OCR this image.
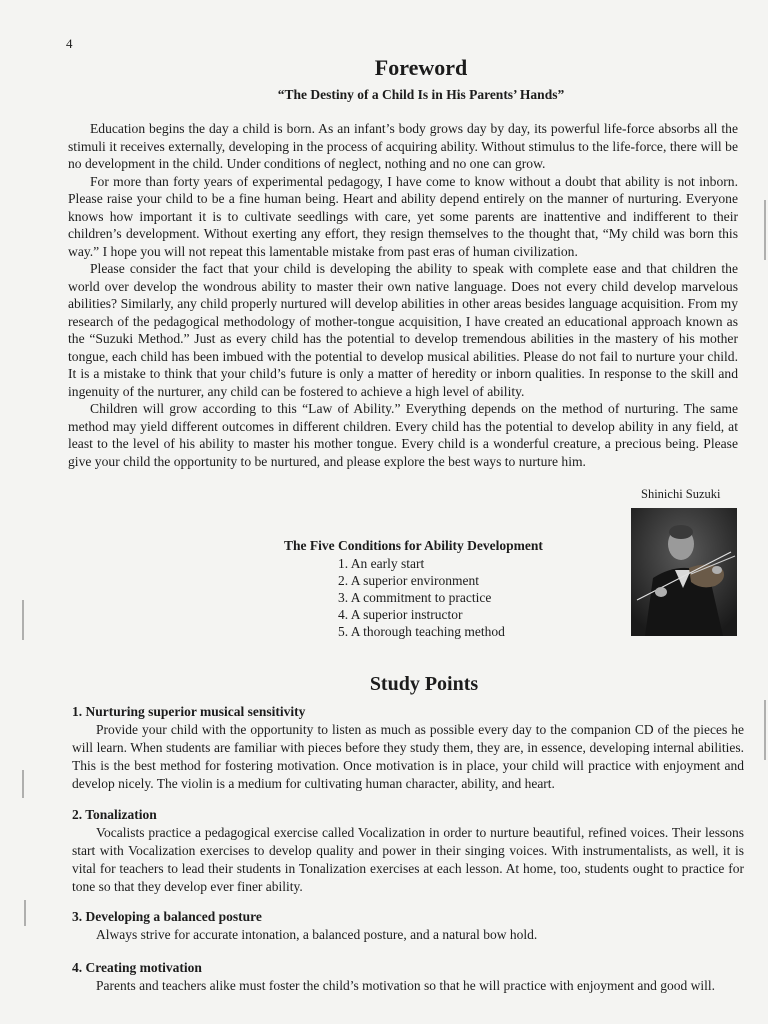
4
Foreword
“The Destiny of a Child Is in His Parents’ Hands”

Education begins the day a child is born. As an infant’s body grows day by day, its powerful life-force absorbs all the stimuli it receives externally, developing in the process of acquiring ability. Without stimulus to the life-force, there will be no development in the child. Under conditions of neglect, nothing and no one can grow.

For more than forty years of experimental pedagogy, I have come to know without a doubt that ability is not inborn. Please raise your child to be a fine human being. Heart and ability depend entirely on the manner of nurturing. Everyone knows how important it is to cultivate seedlings with care, yet some parents are inattentive and indifferent to their children’s development. Without exerting any effort, they resign themselves to the thought that, “My child was born this way.” I hope you will not repeat this lamentable mistake from past eras of human civilization.

Please consider the fact that your child is developing the ability to speak with complete ease and that children the world over develop the wondrous ability to master their own native language. Does not every child develop marvelous abilities? Similarly, any child properly nurtured will develop abilities in other areas besides language acquisition. From my research of the pedagogical methodology of mother-tongue acquisition, I have created an educational approach known as the “Suzuki Method.” Just as every child has the potential to develop tremendous abilities in the mastery of his mother tongue, each child has been imbued with the potential to develop musical abilities. Please do not fail to nurture your child. It is a mistake to think that your child’s future is only a matter of heredity or inborn qualities. In response to the skill and ingenuity of the nurturer, any child can be fostered to achieve a high level of ability.

Children will grow according to this “Law of Ability.” Everything depends on the method of nurturing. The same method may yield different outcomes in different children. Every child has the potential to develop ability in any field, at least to the level of his ability to master his mother tongue. Every child is a wonderful creature, a precious being. Please give your child the opportunity to be nurtured, and please explore the best ways to nurture him.

Shinichi Suzuki
The Five Conditions for Ability Development
1. An early start
2. A superior environment
3. A commitment to practice
4. A superior instructor
5. A thorough teaching method
Study Points
1. Nurturing superior musical sensitivity

Provide your child with the opportunity to listen as much as possible every day to the companion CD of the pieces he will learn. When students are familiar with pieces before they study them, they are, in essence, developing internal abilities. This is the best method for fostering motivation. Once motivation is in place, your child will practice with enjoyment and develop nicely. The violin is a medium for cultivating human character, ability, and heart.

2. Tonalization

Vocalists practice a pedagogical exercise called Vocalization in order to nurture beautiful, refined voices. Their lessons start with Vocalization exercises to develop quality and power in their singing voices. With instrumentalists, as well, it is vital for teachers to lead their students in Tonalization exercises at each lesson. At home, too, students ought to practice for tone so that they develop ever finer ability.

3. Developing a balanced posture

Always strive for accurate intonation, a balanced posture, and a natural bow hold.

4. Creating motivation

Parents and teachers alike must foster the child’s motivation so that he will practice with enjoyment and good will.
